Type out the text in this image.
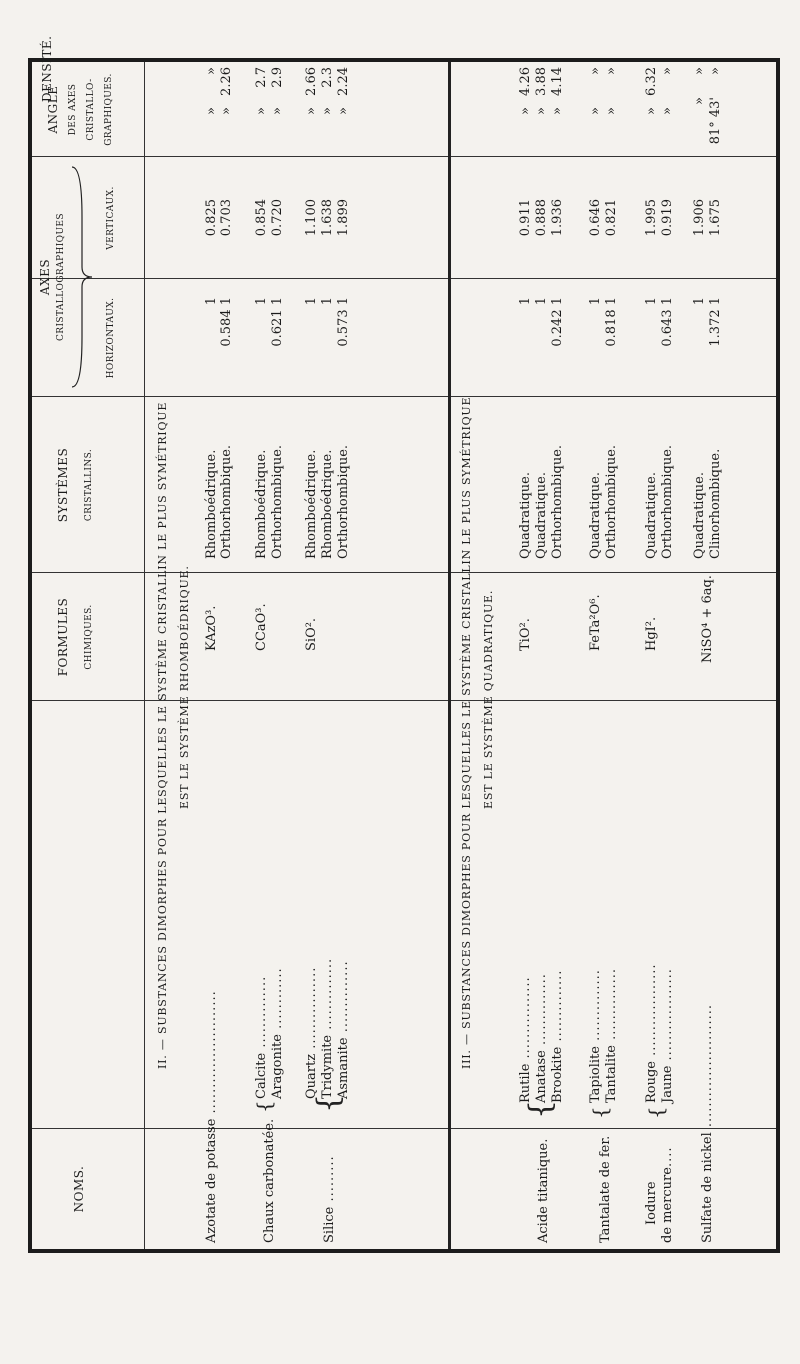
NOMS.
FORMULES CHIMIQUES.
SYSTÈMES CRISTALLINS.
AXES CRISTALLOGRAPHIQUES	HORIZONTAUX.
VERTICAUX.
ANGLE DES AXES CRISTALLO- GRAPHIQUES.
II. — SUBSTANCES DIMORPHES POUR LESQUELLES LE SYSTÈME CRISTALLIN LE PLUS SYMÉTRIQUE EST LE SYSTÈME RHOMBOÉDRIQUE.	III. — SUBSTANCES DIMORPHES POUR LESQUELLES LE SYSTÈME CRISTALLIN LE PLUS SYMÉTRIQUE EST LE SYSTÈME QUADRATIQUE.
Azotate de potasse ........................
KAzO³.
Rhomboédrique.
1
0.825
»
»
Orthorhombique.
0.584 1
0.703
»
2.26
Chaux carbonatée.
{
Calcite ..............
Aragonite ............
CCaO³.
Rhomboédrique. Orthorhombique.
1 0.621 1
0.854 0.720
» »
2.7 2.9
Silice .........
{
Quartz ................
Tridymite ..............
Asmanite ..............
SiO².
Rhomboédrique. Rhomboédrique. Orthorhombique.
1 1 0.573 1
1.100 1.638 1.899
» » »
2.66 2.3 2.24
Acide titanique.
{
Rutile ................
Anatase ..............
Brookite ..............
TiO².
Quadratique. Quadratique. Orthorhombique.
1 1 0.242 1
0.911 0.888 1.936
» » »
4.26 3.88 4.14
Tantalate de fer.
{
Tapiolite ..............
Tantalite ..............
FeTa²O⁶.
Quadratique. Orthorhombique.
1 0.818 1
0.646 0.821
» »
» »
Iodure de mercure....
{
Rouge ..................
Jaune ..................
HgI².
Quadratique. Orthorhombique.
1 0.643 1
1.995 0.919
» »
6.32 »
Sulfate de nickel ........................
NiSO⁴ + 6aq.
Quadratique. Clinorhombique.
1 1.372 1
1.906 1.675
» 81° 43'
» »
DENSITÉ.
